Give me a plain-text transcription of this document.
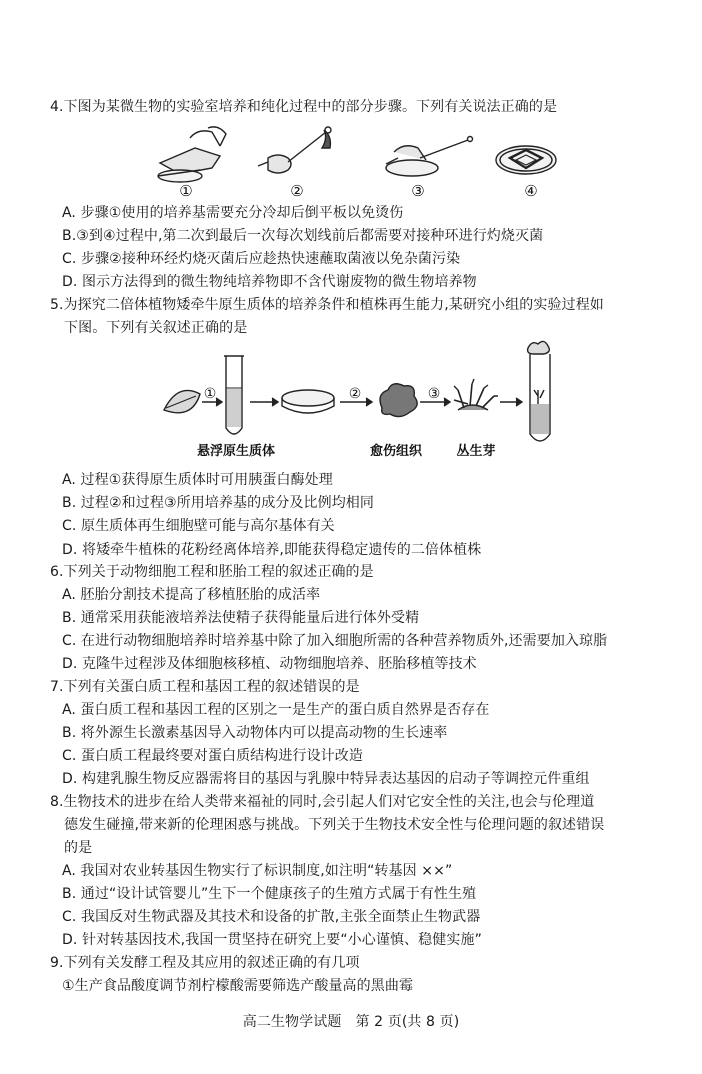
4.下图为某微生物的实验室培养和纯化过程中的部分步骤。下列有关说法正确的是
①	②	③	④
A. 步骤①使用的培养基需要充分冷却后倒平板以免烫伤
B.③到④过程中,第二次到最后一次每次划线前后都需要对接种环进行灼烧灭菌
C. 步骤②接种环经灼烧灭菌后应趁热快速蘸取菌液以免杂菌污染
D. 图示方法得到的微生物纯培养物即不含代谢废物的微生物培养物
5.为探究二倍体植物矮牵牛原生质体的培养条件和植株再生能力,某研究小组的实验过程如
下图。下列有关叙述正确的是
①	②	③
悬浮原生质体	愈伤组织	丛生芽
A. 过程①获得原生质体时可用胰蛋白酶处理
B. 过程②和过程③所用培养基的成分及比例均相同
C. 原生质体再生细胞壁可能与高尔基体有关
D. 将矮牵牛植株的花粉经离体培养,即能获得稳定遗传的二倍体植株
6.下列关于动物细胞工程和胚胎工程的叙述正确的是
A. 胚胎分割技术提高了移植胚胎的成活率
B. 通常采用获能液培养法使精子获得能量后进行体外受精
C. 在进行动物细胞培养时培养基中除了加入细胞所需的各种营养物质外,还需要加入琼脂
D. 克隆牛过程涉及体细胞核移植、动物细胞培养、胚胎移植等技术
7.下列有关蛋白质工程和基因工程的叙述错误的是
A. 蛋白质工程和基因工程的区别之一是生产的蛋白质自然界是否存在
B. 将外源生长激素基因导入动物体内可以提高动物的生长速率
C. 蛋白质工程最终要对蛋白质结构进行设计改造
D. 构建乳腺生物反应器需将目的基因与乳腺中特异表达基因的启动子等调控元件重组
8.生物技术的进步在给人类带来福祉的同时,会引起人们对它安全性的关注,也会与伦理道
德发生碰撞,带来新的伦理困惑与挑战。下列关于生物技术安全性与伦理问题的叙述错误
的是
A. 我国对农业转基因生物实行了标识制度,如注明“转基因 ××”
B. 通过“设计试管婴儿”生下一个健康孩子的生殖方式属于有性生殖
C. 我国反对生物武器及其技术和设备的扩散,主张全面禁止生物武器
D. 针对转基因技术,我国一贯坚持在研究上要“小心谨慎、稳健实施”
9.下列有关发酵工程及其应用的叙述正确的有几项
①生产食品酸度调节剂柠檬酸需要筛选产酸量高的黑曲霉
高二生物学试题　第 2 页(共 8 页)
